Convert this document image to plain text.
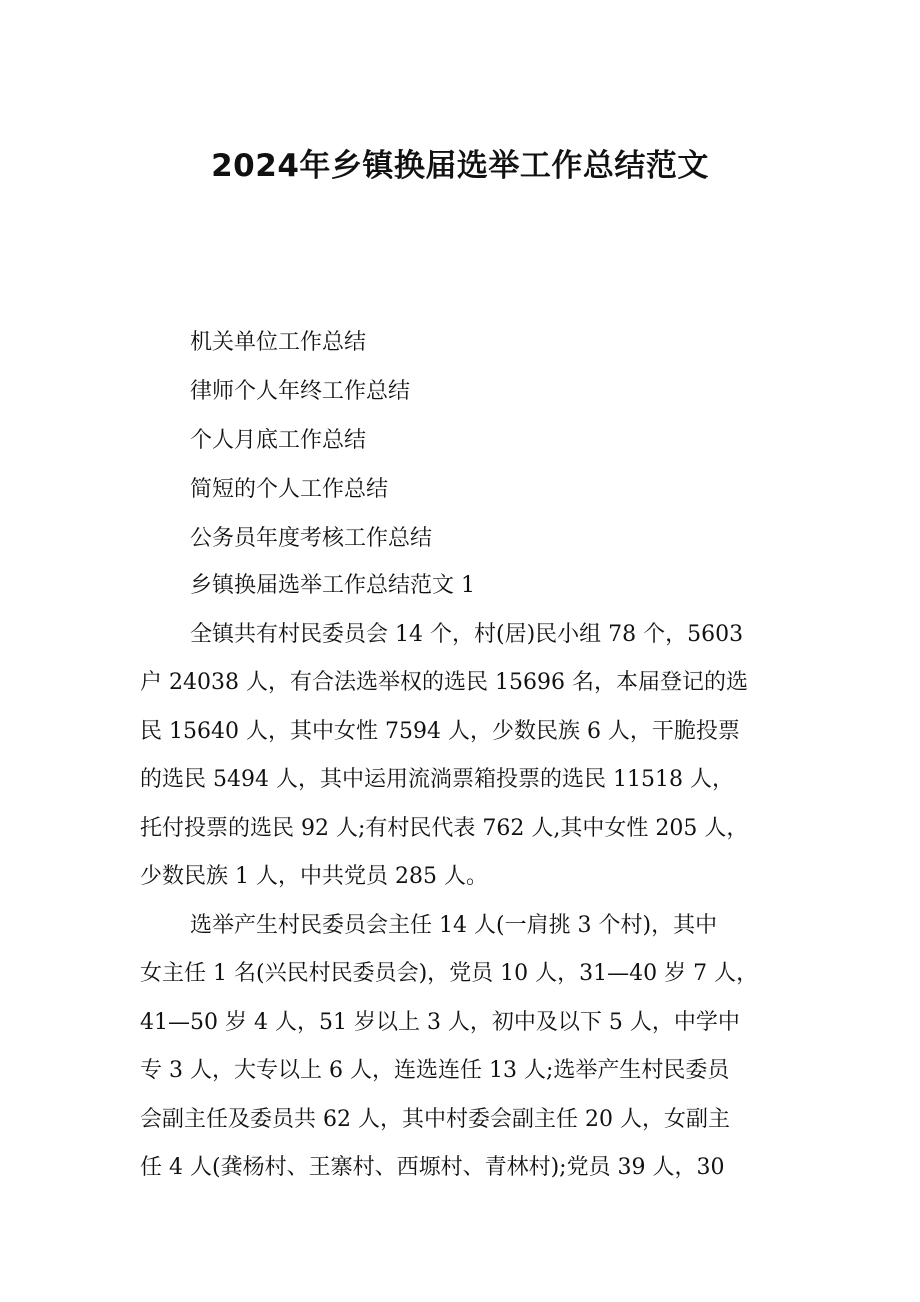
2024年乡镇换届选举工作总结范文
机关单位工作总结
律师个人年终工作总结
个人月底工作总结
简短的个人工作总结
公务员年度考核工作总结

乡镇换届选举工作总结范文 1

全镇共有村民委员会 14 个，村(居)民小组 78 个，5603
户 24038 人，有合法选举权的选民 15696 名，本届登记的选
民 15640 人，其中女性 7594 人，少数民族 6 人，干脆投票
的选民 5494 人，其中运用流淌票箱投票的选民 11518 人，
托付投票的选民 92 人;有村民代表 762 人,其中女性 205 人，
少数民族 1 人，中共党员 285 人。

选举产生村民委员会主任 14 人(一肩挑 3 个村)，其中
女主任 1 名(兴民村民委员会)，党员 10 人，31—40 岁 7 人，
41—50 岁 4 人，51 岁以上 3 人，初中及以下 5 人，中学中
专 3 人，大专以上 6 人，连选连任 13 人;选举产生村民委员
会副主任及委员共 62 人，其中村委会副主任 20 人，女副主
任 4 人(龚杨村、王寨村、西塬村、青林村);党员 39 人，30
